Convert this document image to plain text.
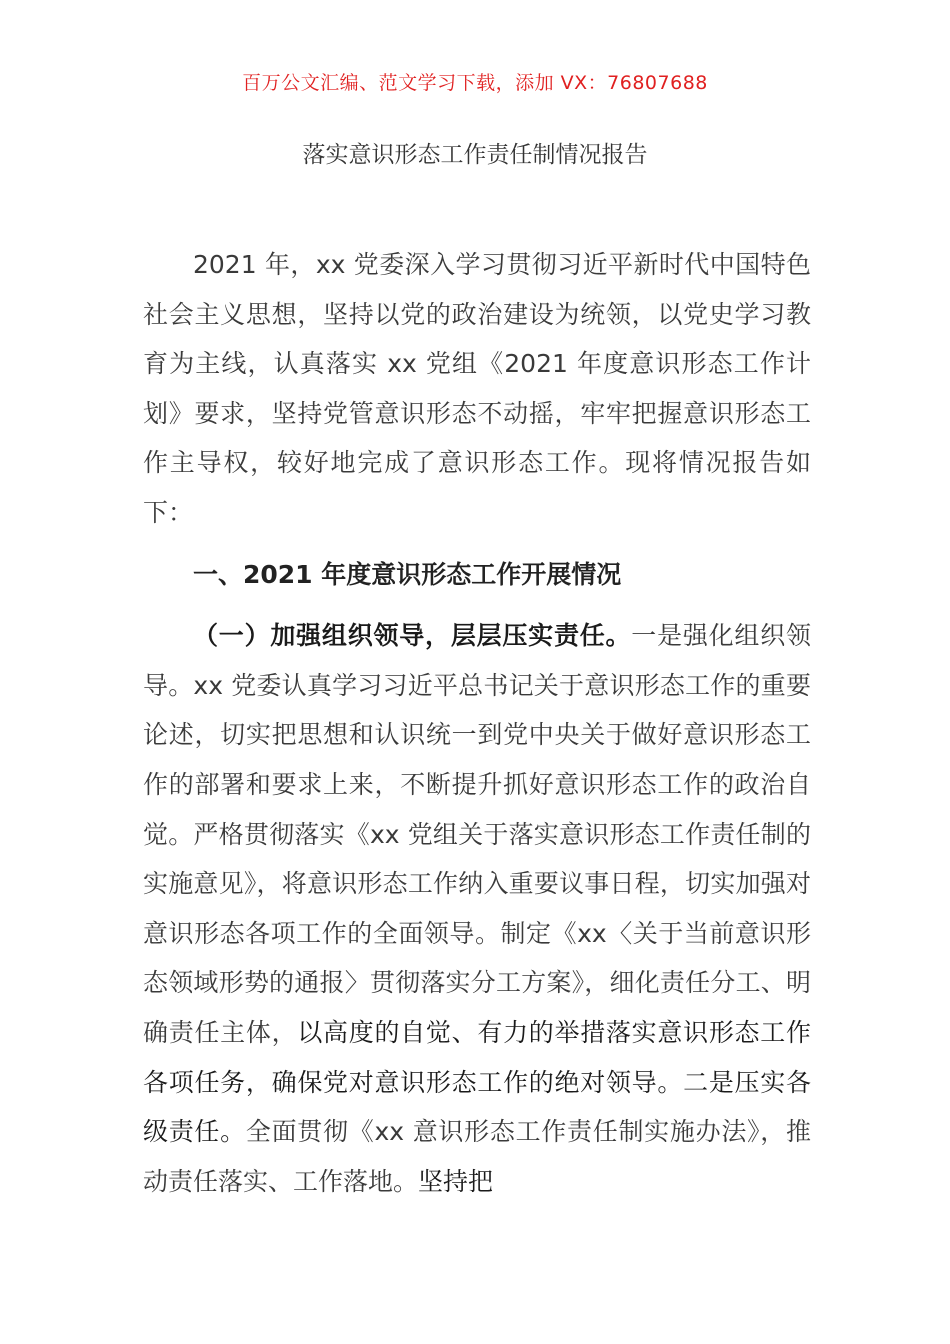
百万公文汇编、范文学习下载，添加 VX：76807688
落实意识形态工作责任制情况报告

2021 年，xx 党委深入学习贯彻习近平新时代中国特色社会主义思想，坚持以党的政治建设为统领，以党史学习教育为主线，认真落实 xx 党组《2021 年度意识形态工作计划》要求，坚持党管意识形态不动摇，牢牢把握意识形态工作主导权，较好地完成了意识形态工作。现将情况报告如下：

一、2021 年度意识形态工作开展情况

（一）加强组织领导，层层压实责任。一是强化组织领导。xx 党委认真学习习近平总书记关于意识形态工作的重要论述，切实把思想和认识统一到党中央关于做好意识形态工作的部署和要求上来，不断提升抓好意识形态工作的政治自觉。严格贯彻落实《xx 党组关于落实意识形态工作责任制的实施意见》，将意识形态工作纳入重要议事日程，切实加强对意识形态各项工作的全面领导。制定《xx〈关于当前意识形态领域形势的通报〉贯彻落实分工方案》，细化责任分工、明确责任主体，以高度的自觉、有力的举措落实意识形态工作各项任务，确保党对意识形态工作的绝对领导。二是压实各级责任。全面贯彻《xx 意识形态工作责任制实施办法》，推动责任落实、工作落地。坚持把
